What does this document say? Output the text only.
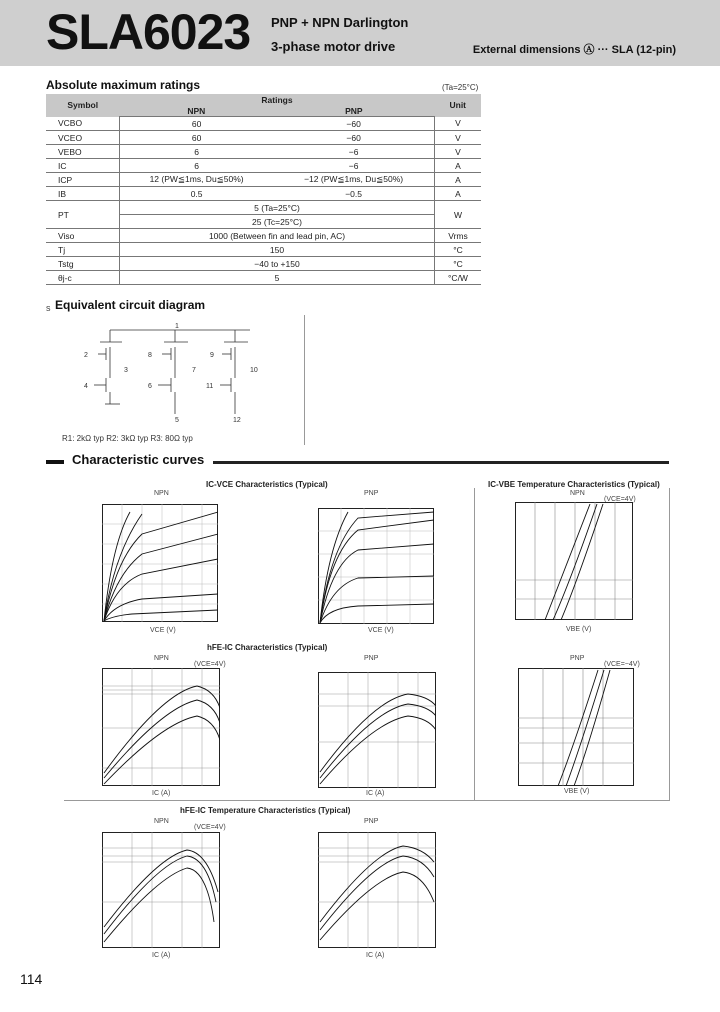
SLA6023 PNP + NPN Darlington
3-phase motor drive	External dimensions Ⓐ ··· SLA (12-pin)
Absolute maximum ratings	(Ta=25°C)
Symbol	Ratings		Unit
	NPN	PNP	
VCBO	60	−60	V
VCEO	60	−60	V
VEBO	6	−6	V
IC	6	−6	A
ICP	12 (PW≦1ms, Du≦50%)	−12 (PW≦1ms, Du≦50%)	A
IB	0.5	−0.5	A
PT	5 (Ta=25°C)		W
	25 (Tc=25°C)		
Viso	1000 (Between fin and lead pin, AC)		Vrms
Tj	150		°C
Tstg	−40 to +150		°C
θj-c	5		°C/W
s Equivalent circuit diagram
1
2
3
4
5
6
7
8	9
10
11
12
R1: 2kΩ typ R2: 3kΩ typ R3: 80Ω typ
Characteristic curves
IC-VCE Characteristics (Typical)	IC-VBE Temperature Characteristics (Typical)
NPN	PNP	NPN
(VCE=4V)
VCE (V)	VCE (V)	VBE (V)
hFE-IC Characteristics (Typical)
NPN	PNP
(VCE=4V)
PNP
(VCE=−4V)
IC (A)	IC (A)	VBE (V)
hFE-IC Temperature Characteristics (Typical)
NPN	PNP
(VCE=4V)
IC (A)	IC (A)
114
